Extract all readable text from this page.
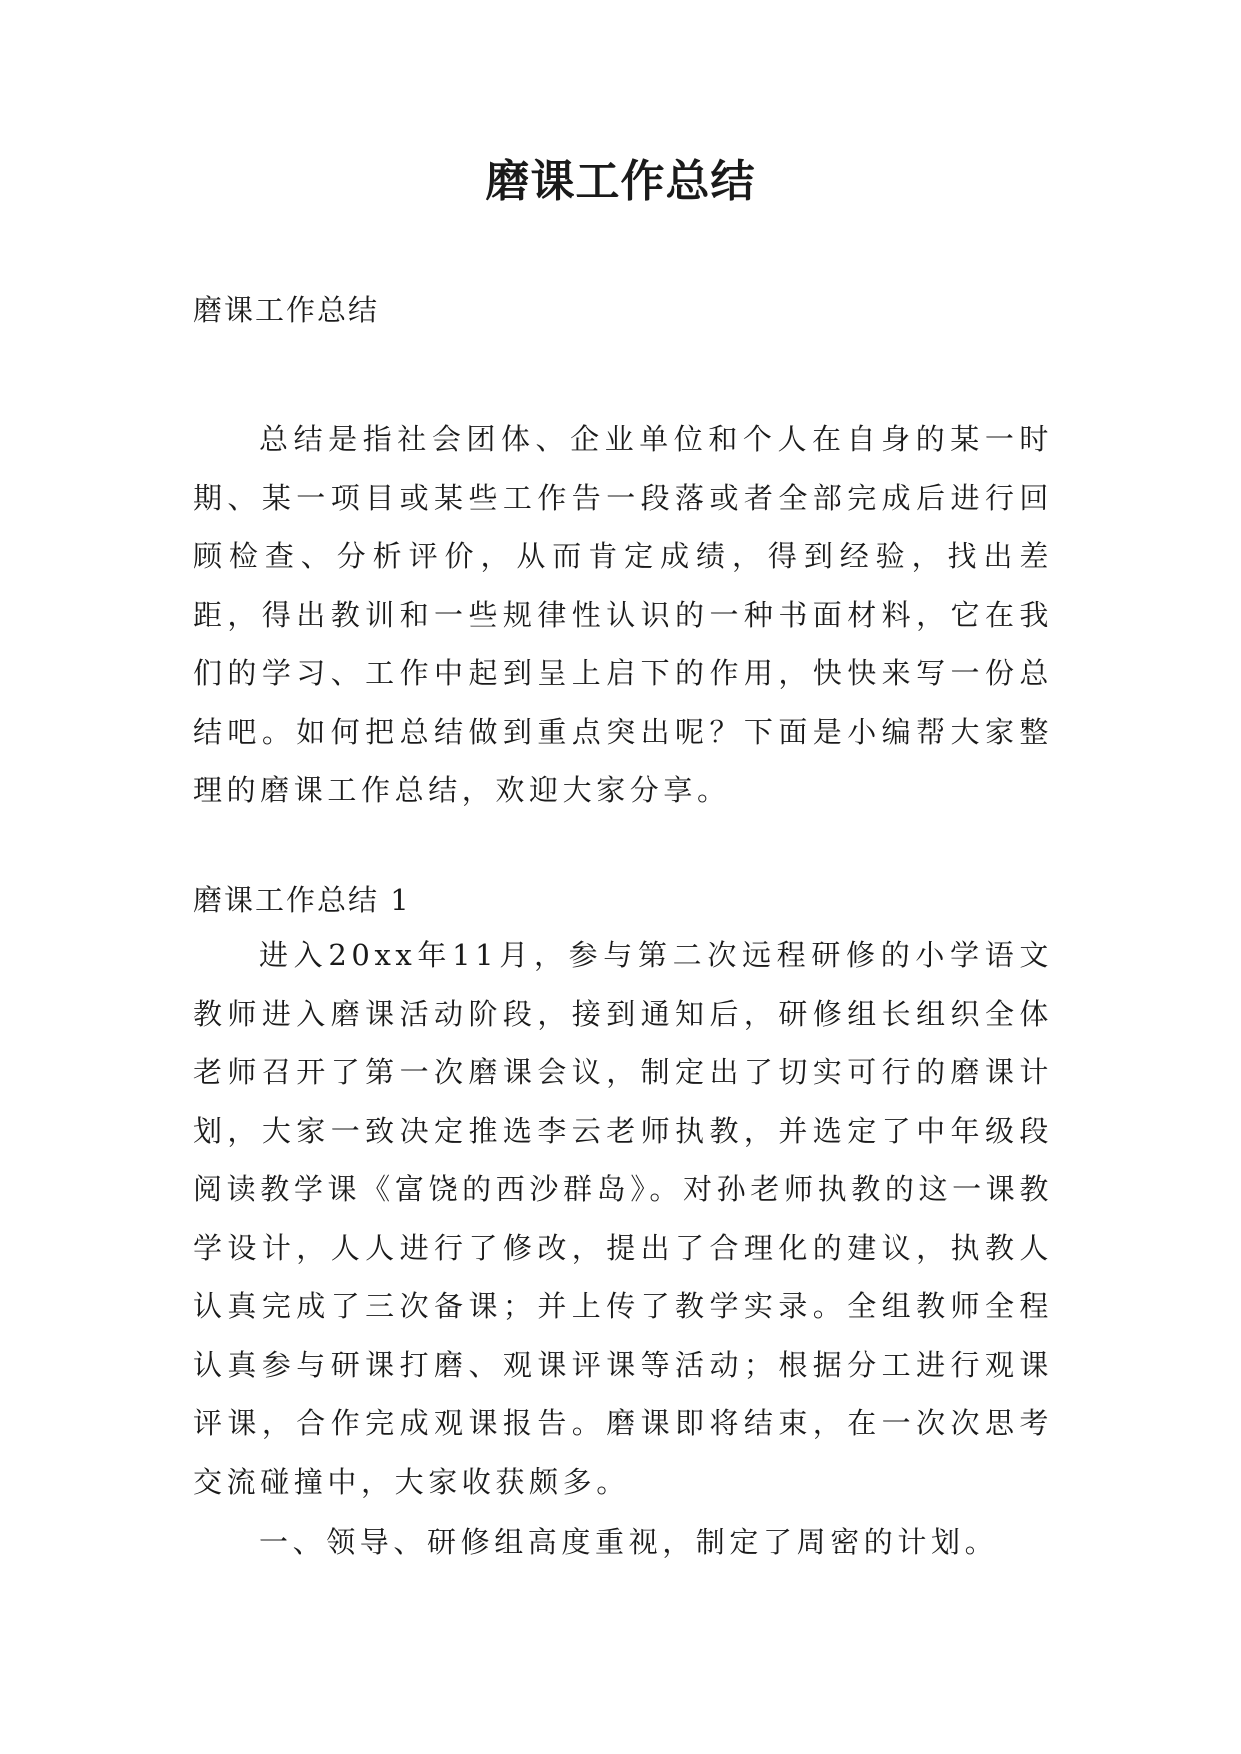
磨课工作总结
磨课工作总结

总结是指社会团体、企业单位和个人在自身的某一时期、某一项目或某些工作告一段落或者全部完成后进行回顾检查、分析评价，从而肯定成绩，得到经验，找出差距，得出教训和一些规律性认识的一种书面材料，它在我们的学习、工作中起到呈上启下的作用，快快来写一份总结吧。如何把总结做到重点突出呢？下面是小编帮大家整理的磨课工作总结，欢迎大家分享。

磨课工作总结 1

进入20xx年11月，参与第二次远程研修的小学语文教师进入磨课活动阶段，接到通知后，研修组长组织全体老师召开了第一次磨课会议，制定出了切实可行的磨课计划，大家一致决定推选李云老师执教，并选定了中年级段阅读教学课《富饶的西沙群岛》。对孙老师执教的这一课教学设计，人人进行了修改，提出了合理化的建议，执教人认真完成了三次备课；并上传了教学实录。全组教师全程认真参与研课打磨、观课评课等活动；根据分工进行观课评课，合作完成观课报告。磨课即将结束，在一次次思考交流碰撞中，大家收获颇多。

一、领导、研修组高度重视，制定了周密的计划。
